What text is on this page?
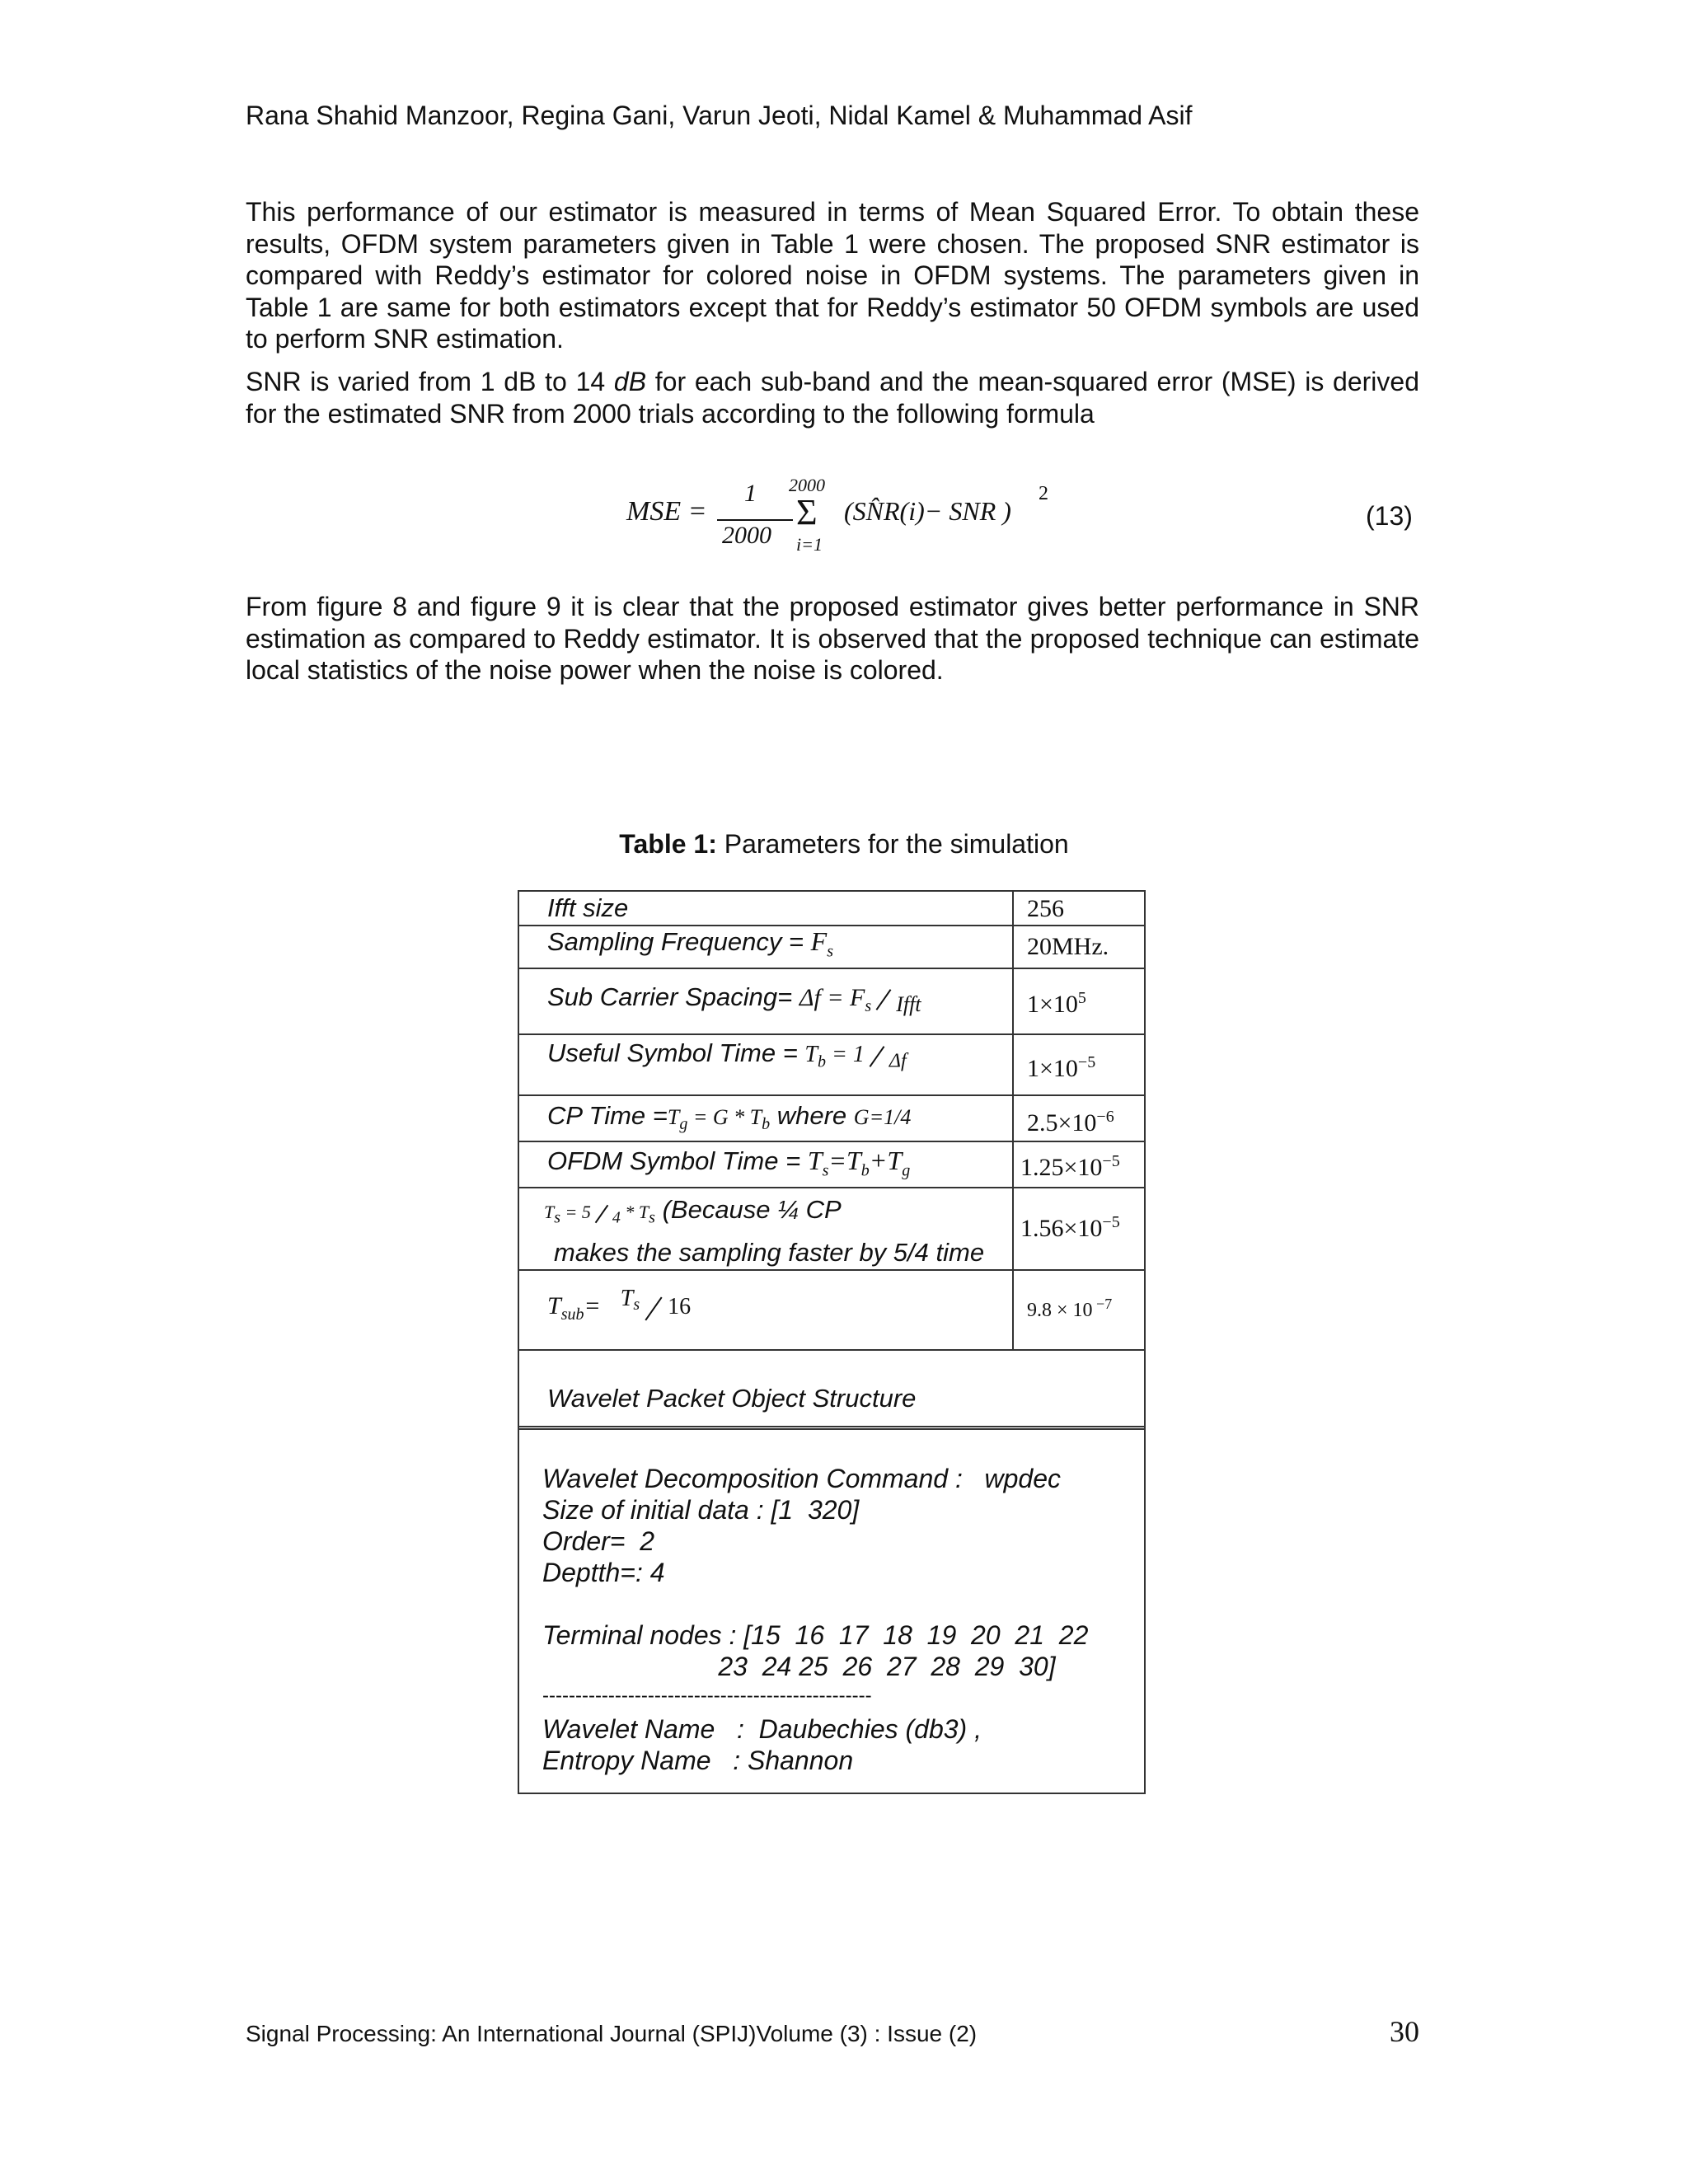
Rana Shahid Manzoor, Regina Gani, Varun Jeoti, Nidal Kamel & Muhammad Asif

This performance of our estimator is measured in terms of Mean Squared Error. To obtain these results, OFDM system parameters given in Table 1 were chosen. The proposed SNR estimator is compared with Reddy’s estimator for colored noise in OFDM systems. The parameters given in Table 1 are same for both estimators except that for Reddy’s estimator 50 OFDM symbols are used to perform SNR estimation.

SNR is varied from 1 dB to 14 dB for each sub-band and the mean-squared error (MSE) is derived for the estimated SNR from 2000 trials according to the following formula

MSE =
1
2000
2000
Σ
i=1
(SN̂R(i)− SNR )
2
(13)

From figure 8 and figure 9 it is clear that the proposed estimator gives better performance in SNR estimation as compared to Reddy estimator. It is observed that the proposed technique can estimate local statistics of the noise power when the noise is colored.

Table 1: Parameters for the simulation
Ifft size	256
Sampling Frequency = $F_s$	20MHz.
Sub Carrier Spacing= $\Delta f = F_s$ $_{Ifft}$	$1\times 10^5$
Useful Symbol Time = $T_b = 1$ $_{\Delta f}$	$1\times 10^{-5}$
CP Time $=T_g = G * T_b$ where G=1/4	$2.5\times 10^{-6}$
OFDM Symbol Time = $T_s=T_b+T_g$	$1.25\times 10^{-5}$
$T_s = 5$ $_4 * T_s$ (Because ¼ CP
makes the sampling faster by 5/4 time
$1.56\times 10^{-5}$
$T_{sub}= ^{T_s}$ 16	9.8 × 10 $^{-7}$
Wavelet Packet Object Structure
Wavelet Decomposition Command :   wpdec
Size of initial data : [1  320]
Order=  2
Deptth=: 4
Terminal nodes : [15  16  17  18  19  20  21  22
23  24 25  26  27  28  29  30]
--------------------------------------------------
Wavelet Name   :  Daubechies (db3) ,
Entropy Name   : Shannon
Signal Processing: An International Journal (SPIJ)Volume (3) : Issue (2)	30
